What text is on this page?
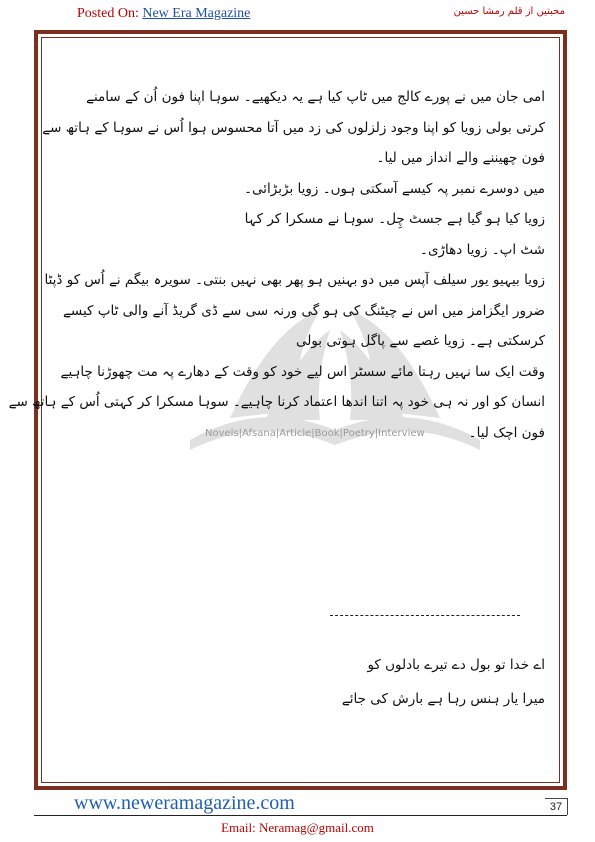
Posted On: New Era Magazine	محبتیں از قلم رمشا حسین
Novels|Afsana|Article|Book|Poetry|Interview
امی جان میں نے پورے کالج میں ٹاپ کیا ہے یہ دیکھیے۔ سوہا اپنا فون اُن کے سامنے
کرتی بولی زویا کو اپنا وجود زلزلوں کی زد میں آتا محسوس ہوا اُس نے سوہا کے ہاتھ سے
فون چھیننے والے انداز میں لیا۔
میں دوسرے نمبر پہ کیسے آسکتی ہوں۔ زویا بڑبڑائی۔
زویا کیا ہو گیا ہے جسٹ چِل۔ سوہا نے مسکرا کر کہا
شٹ اپ۔ زویا دھاڑی۔
زویا بیہیو یور سیلف آپس میں دو بہنیں ہو پھر بھی نہیں بنتی۔ سویرہ بیگم نے اُس کو ڈپٹا
ضرور ایگزامز میں اس نے چیٹنگ کی ہو گی ورنہ سی سے ڈی گریڈ آنے والی ٹاپ کیسے
کرسکتی ہے۔ زویا غصے سے پاگل ہوتی بولی
وقت ایک سا نہیں رہتا مائے سسٹر اس لیے خود کو وقت کے دھارے پہ مت چھوڑنا چاہیے
انسان کو اور نہ ہی خود پہ اتنا اندھا اعتماد کرنا چاہیے۔ سوہا مسکرا کر کہتی اُس کے ہاتھ سے
فون اچک لیا۔
اے خدا تو بول دے تیرے بادلوں کو
میرا یار ہنس رہا ہے بارش کی جائے
www.neweramagazine.com	37
Email: Neramag@gmail.com
